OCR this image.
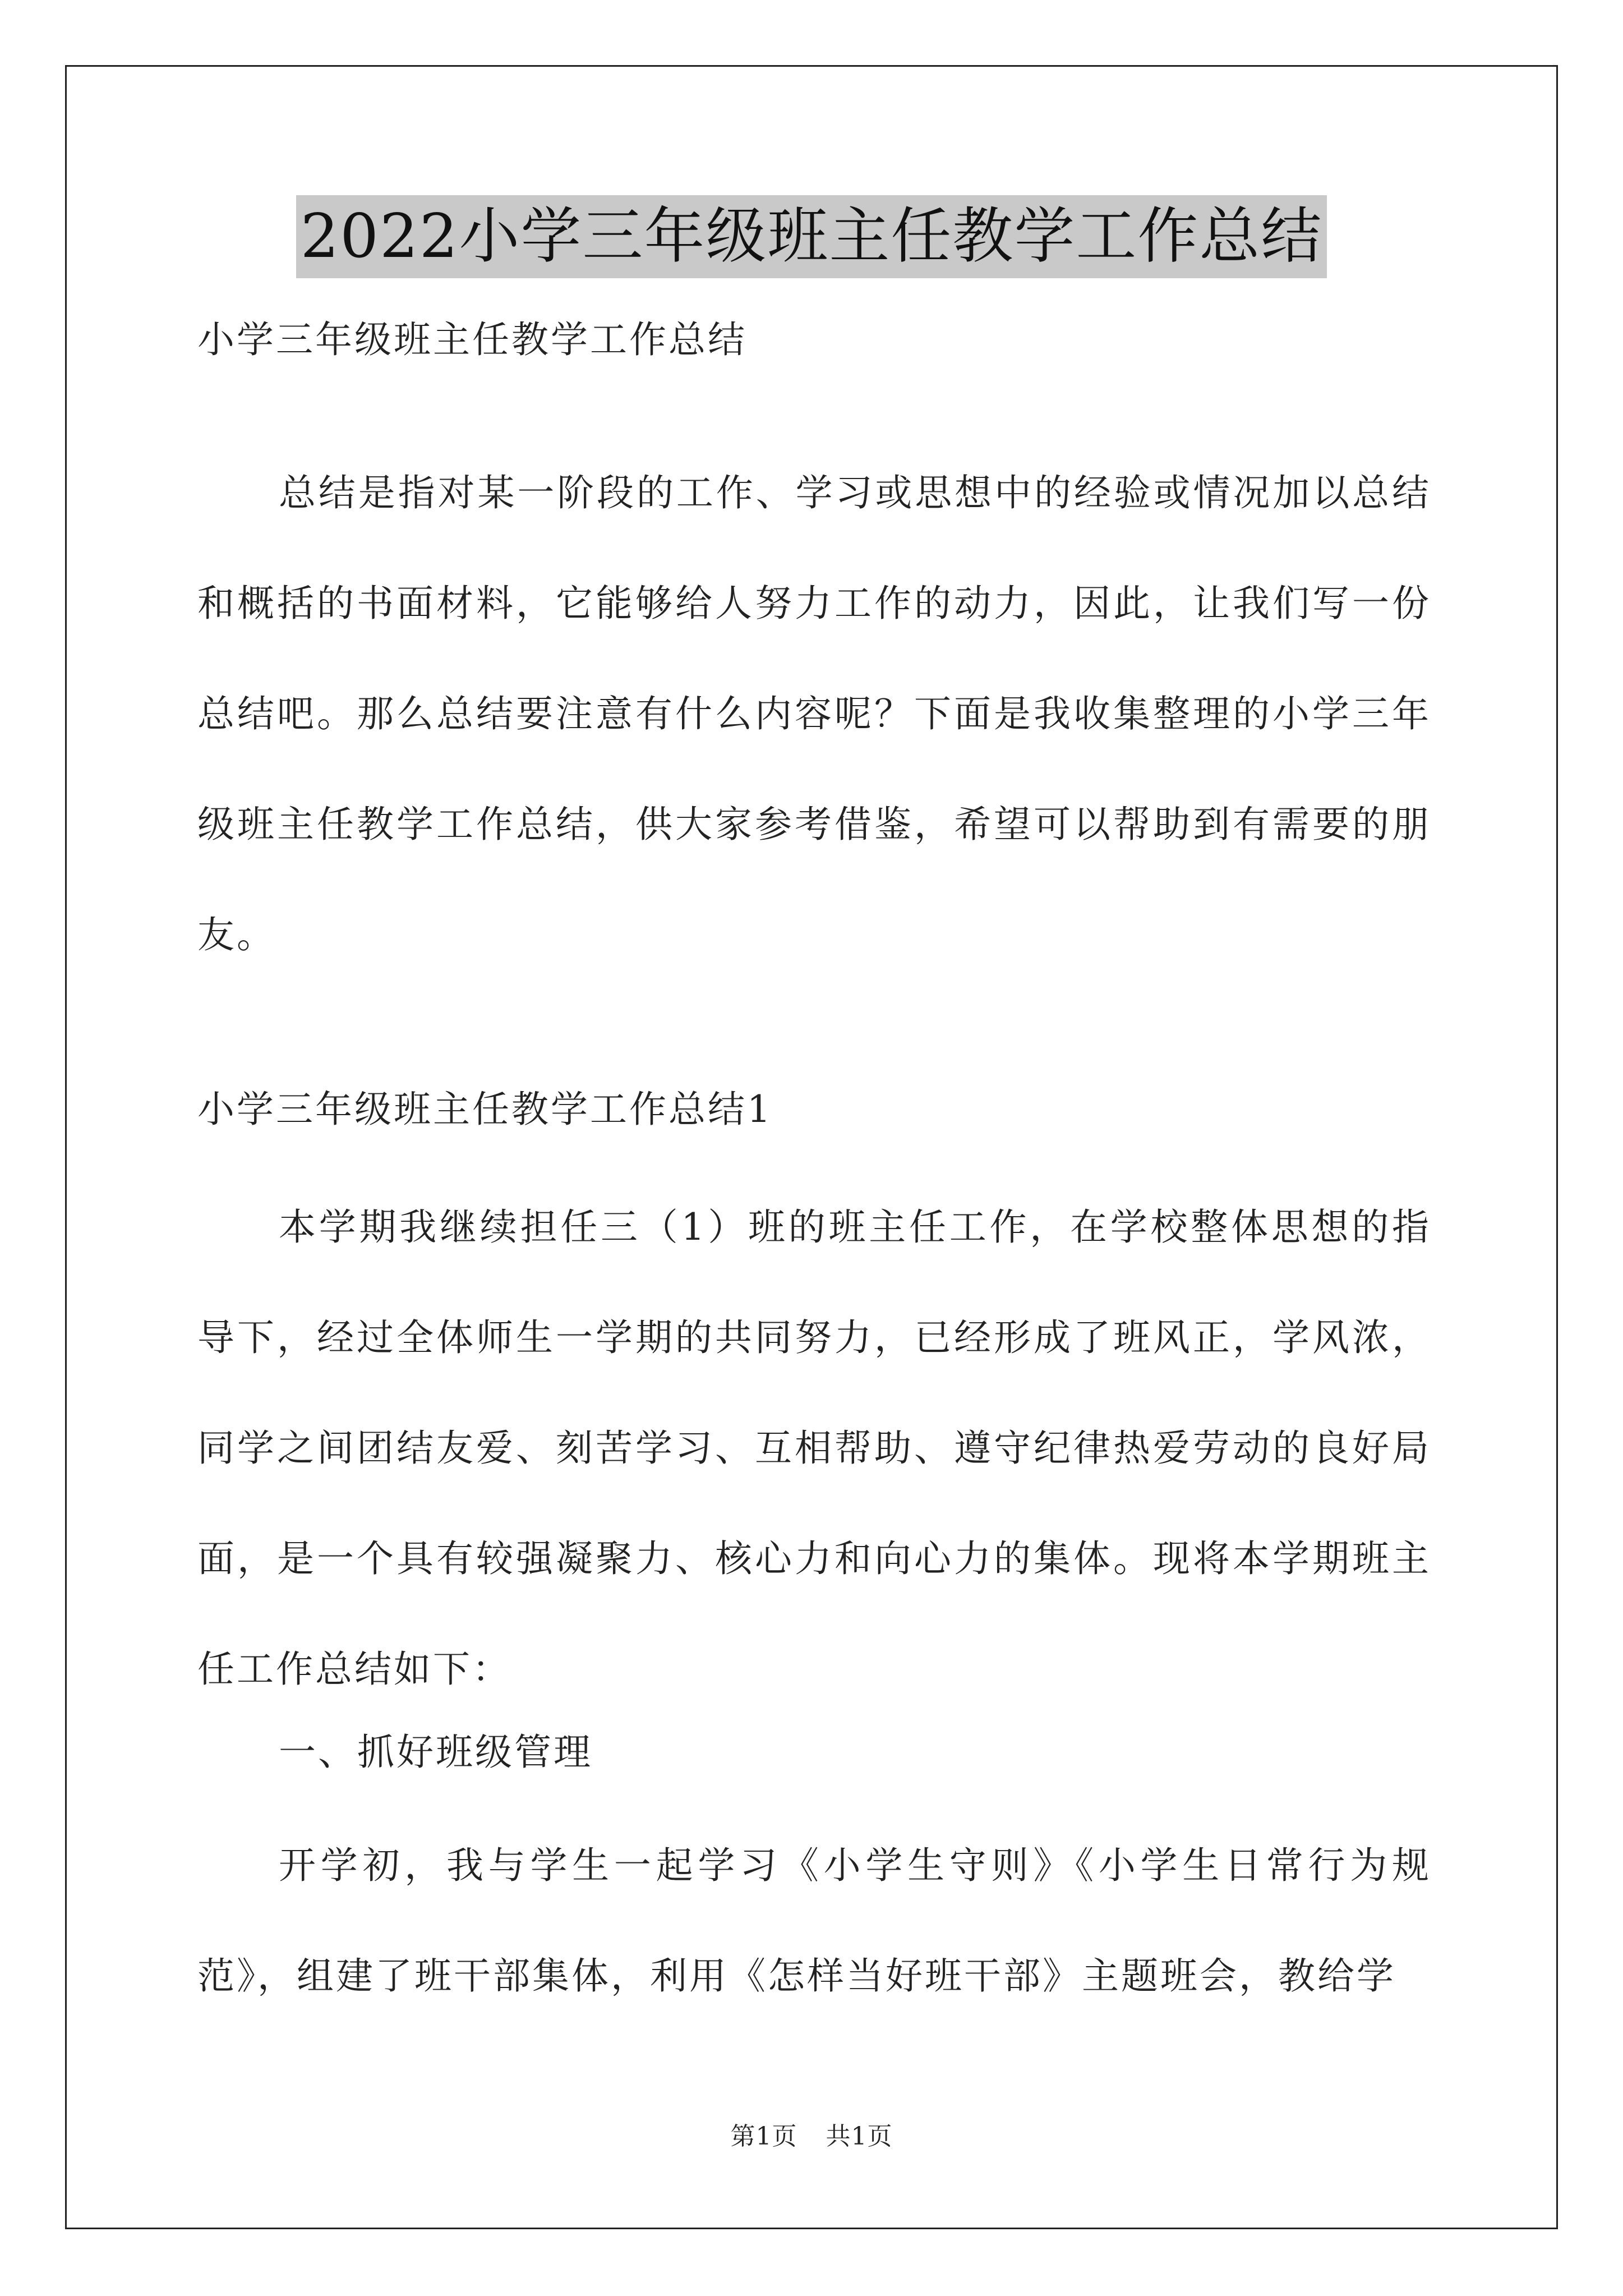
2022小学三年级班主任教学工作总结
小学三年级班主任教学工作总结

总结是指对某一阶段的工作、学习或思想中的经验或情况加以总结和概括的书面材料，它能够给人努力工作的动力，因此，让我们写一份总结吧。那么总结要注意有什么内容呢？下面是我收集整理的小学三年级班主任教学工作总结，供大家参考借鉴，希望可以帮助到有需要的朋友。

小学三年级班主任教学工作总结1

本学期我继续担任三（1）班的班主任工作，在学校整体思想的指导下，经过全体师生一学期的共同努力，已经形成了班风正，学风浓，同学之间团结友爱、刻苦学习、互相帮助、遵守纪律热爱劳动的良好局面，是一个具有较强凝聚力、核心力和向心力的集体。现将本学期班主任工作总结如下：

一、抓好班级管理

开学初，我与学生一起学习《小学生守则》《小学生日常行为规范》，组建了班干部集体，利用《怎样当好班干部》主题班会，教给学

第1页 共1页
